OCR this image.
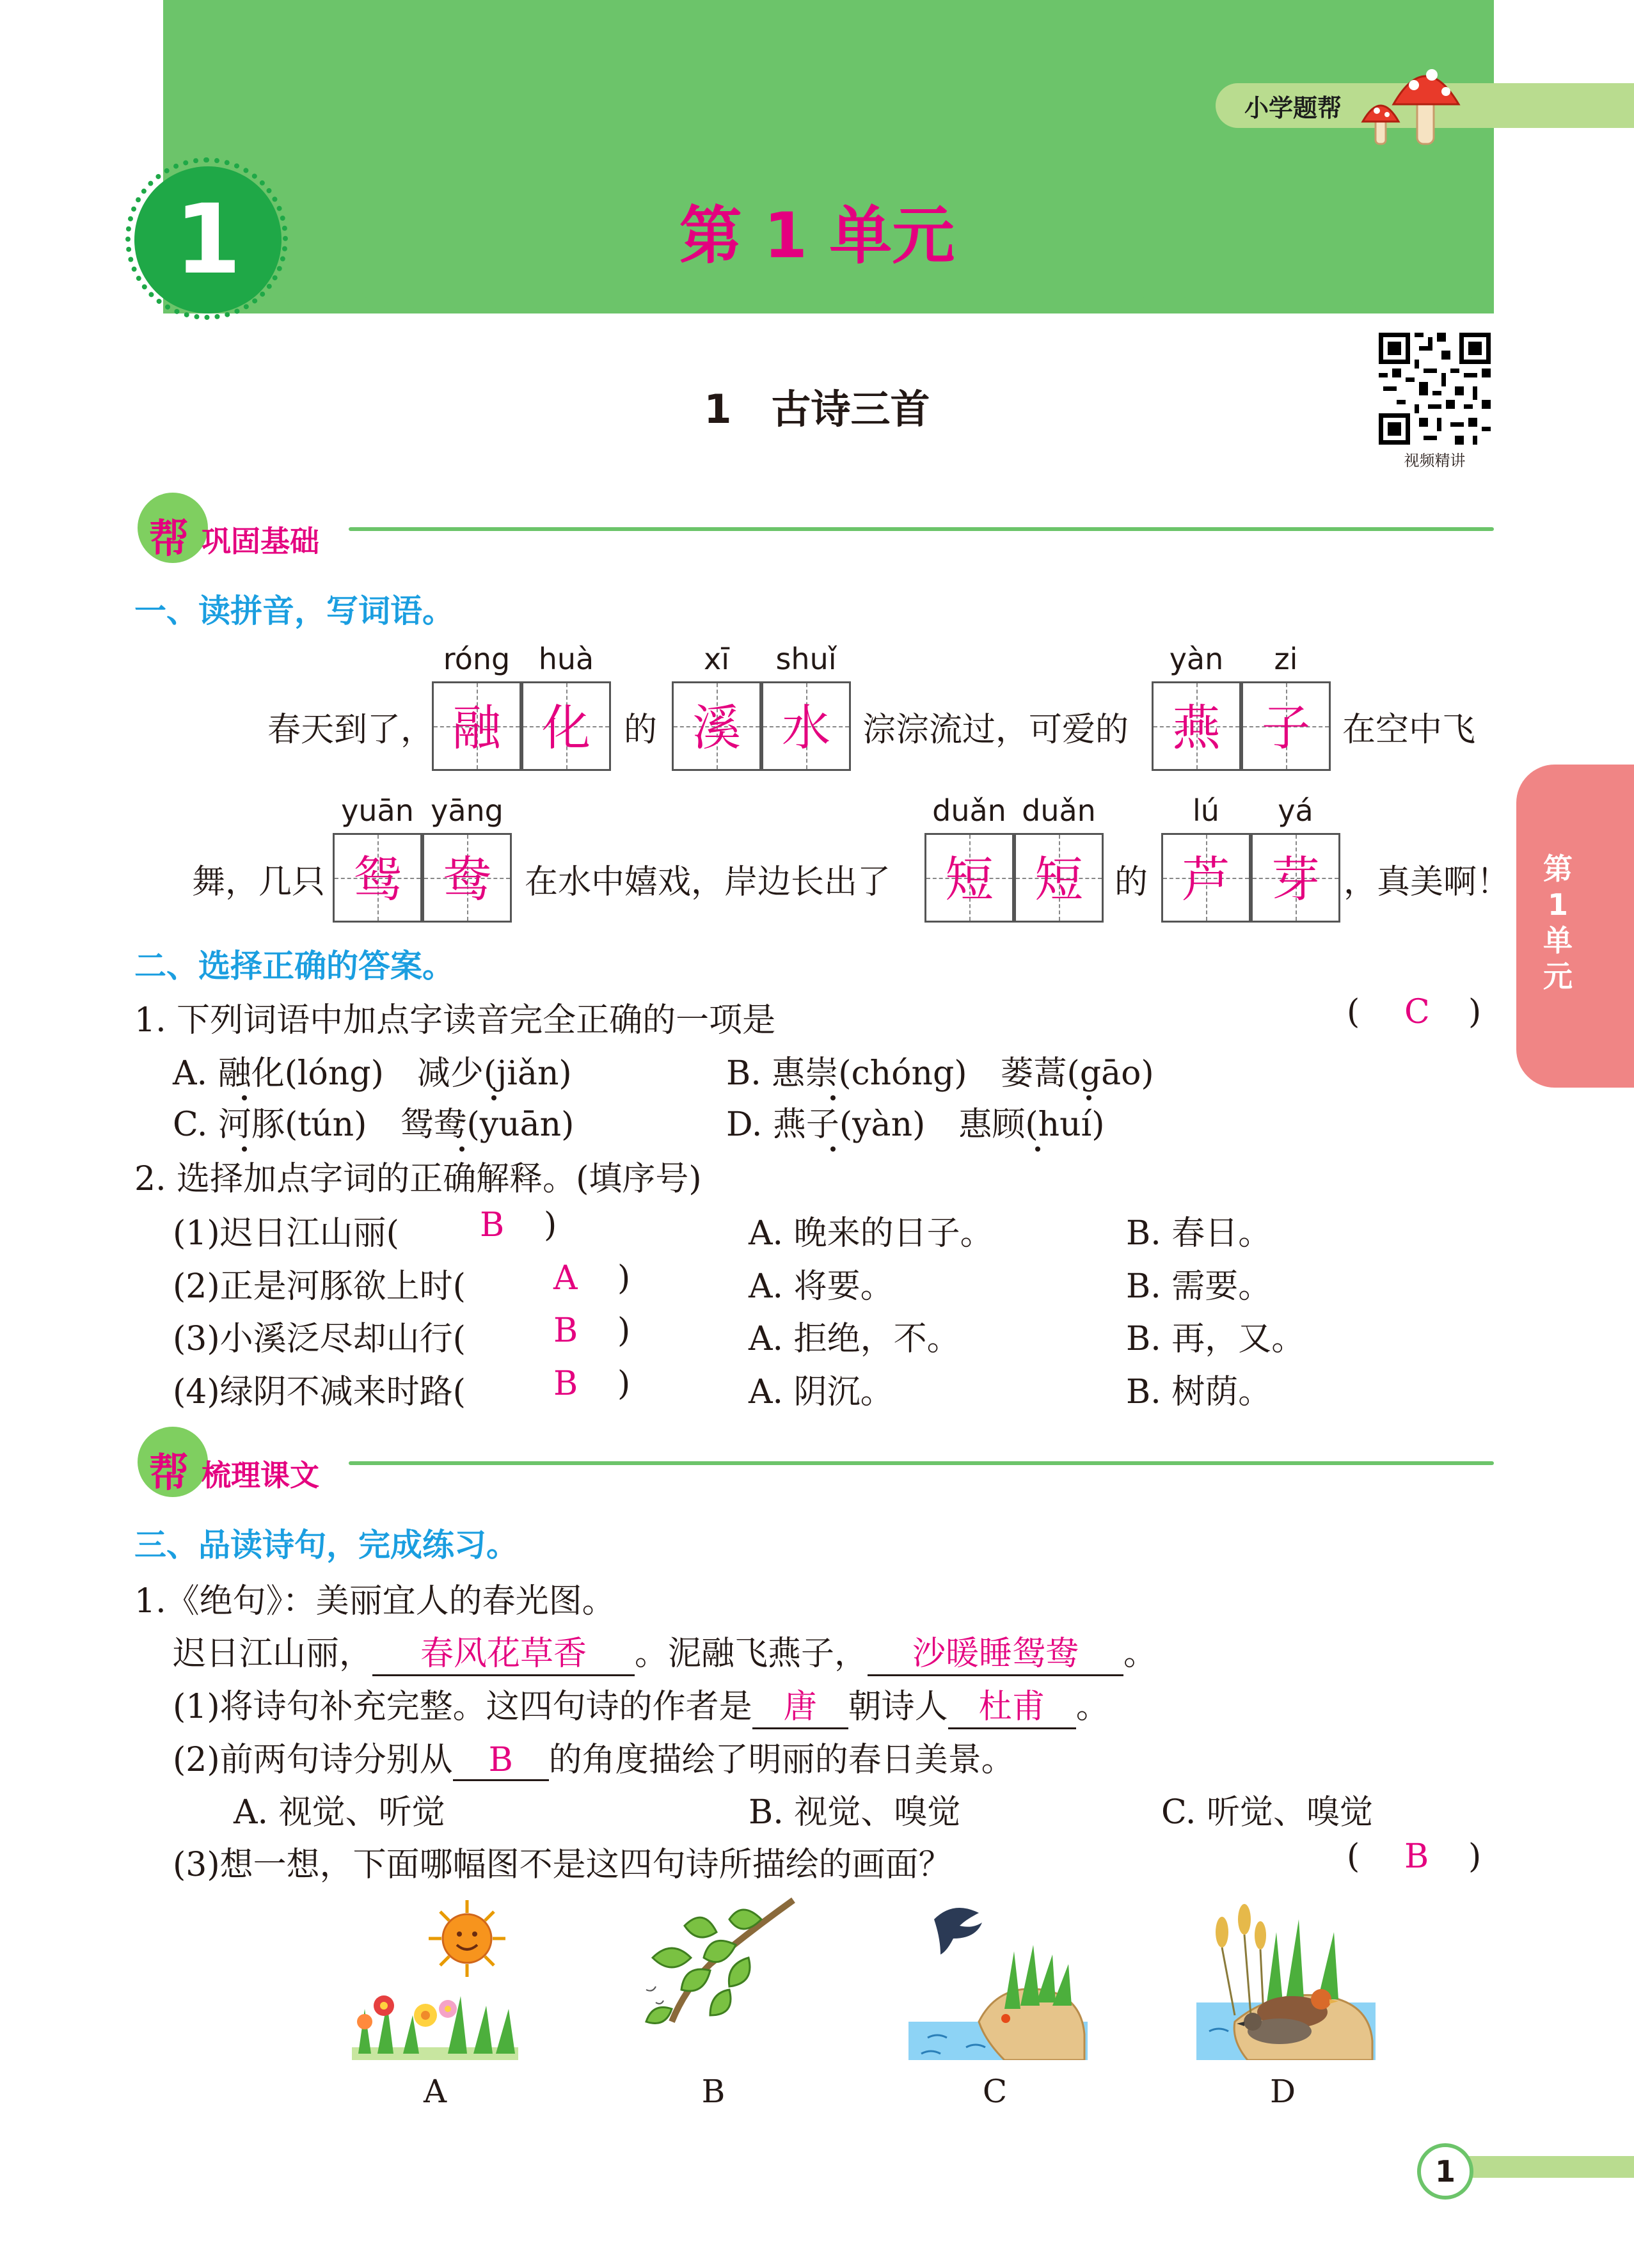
小学题帮
1	第 1 单元
1　古诗三首
视频精讲
帮 巩固基础
一、读拼音，写词语。
róng huà	xī	shuǐ	yàn	zi
春天到了， 融 化	的 溪 水 淙淙流过，可爱的 燕 子 在空中飞
yuān yāng	duǎn duǎn	lú	yá
舞，几只 鸳 鸯	在水中嬉戏，岸边长出了	短 短 的 芦 芽 ，真美啊！
二、选择正确的答案。
1. 下列词语中加点字读音完全正确的一项是	( C )
A. 融化(lóng)　减少(jiǎn)	B. 惠崇(chóng)　蒌蒿(gāo)
C. 河豚(tún)　鸳鸯(yuān)	D. 燕子(yàn)　惠顾(huí)
2. 选择加点字词的正确解释。(填序号)
(1)迟日江山丽( B )	A. 晚来的日子。	B. 春日。
(2)正是河豚欲上时(	A )	A. 将要。	B. 需要。
(3)小溪泛尽却山行(	B )	A. 拒绝，不。	B. 再，又。
(4)绿阴不减来时路(	B )	A. 阴沉。	B. 树荫。
帮 梳理课文
三、品读诗句，完成练习。
1.《绝句》：美丽宜人的春光图。
迟日江山丽， 春风花草香 。泥融飞燕子， 沙暖睡鸳鸯 。
(1)将诗句补充完整。这四句诗的作者是 唐 朝诗人 杜甫 。
(2)前两句诗分别从 B 的角度描绘了明丽的春日美景。
A. 视觉、听觉	B. 视觉、嗅觉	C. 听觉、嗅觉
(3)想一想，下面哪幅图不是这四句诗所描绘的画面？	( B )
A	B	C	D
第1单元
1
